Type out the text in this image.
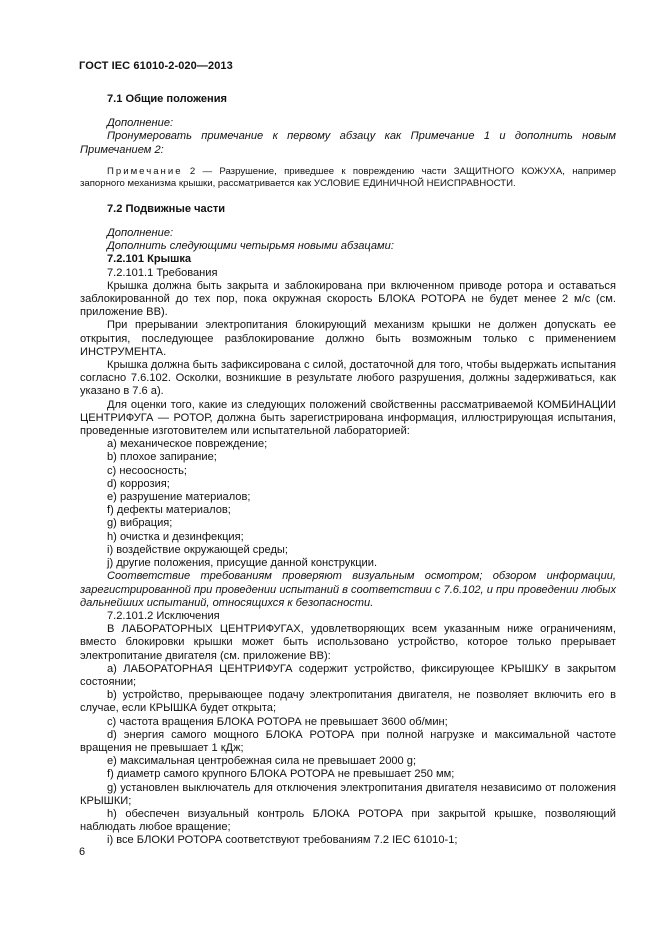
ГОСТ IEC 61010-2-020—2013

7.1 Общие положения

Дополнение:

Пронумеровать примечание к первому абзацу как Примечание 1 и дополнить новым Примечанием 2:

Примечание 2 — Разрушение, приведшее к повреждению части ЗАЩИТНОГО КОЖУХА, например запорного механизма крышки, рассматривается как УСЛОВИЕ ЕДИНИЧНОЙ НЕИСПРАВНОСТИ.

7.2 Подвижные части

Дополнение:

Дополнить следующими четырьмя новыми абзацами:

7.2.101 Крышка

7.2.101.1 Требования

Крышка должна быть закрыта и заблокирована при включенном приводе ротора и оставаться заблокированной до тех пор, пока окружная скорость БЛОКА РОТОРА не будет менее 2 м/с (см. приложение ВВ).

При прерывании электропитания блокирующий механизм крышки не должен допускать ее открытия, последующее разблокирование должно быть возможным только с применением ИНСТРУМЕНТА.

Крышка должна быть зафиксирована с силой, достаточной для того, чтобы выдержать испытания согласно 7.6.102. Осколки, возникшие в результате любого разрушения, должны задерживаться, как указано в 7.6 а).

Для оценки того, какие из следующих положений свойственны рассматриваемой КОМБИНАЦИИ ЦЕНТРИФУГА — РОТОР, должна быть зарегистрирована информация, иллюстрирующая испытания, проведенные изготовителем или испытательной лабораторией:

а) механическое повреждение;

b) плохое запирание;

c) несоосность;

d) коррозия;

e) разрушение материалов;

f) дефекты материалов;

g) вибрация;

h) очистка и дезинфекция;

i) воздействие окружающей среды;

j) другие положения, присущие данной конструкции.

Соответствие требованиям проверяют визуальным осмотром; обзором информации, зарегистрированной при проведении испытаний в соответствии с 7.6.102, и при проведении любых дальнейших испытаний, относящихся к безопасности.

7.2.101.2 Исключения

В ЛАБОРАТОРНЫХ ЦЕНТРИФУГАХ, удовлетворяющих всем указанным ниже ограничениям, вместо блокировки крышки может быть использовано устройство, которое только прерывает электропитание двигателя (см. приложение ВВ):

а) ЛАБОРАТОРНАЯ ЦЕНТРИФУГА содержит устройство, фиксирующее КРЫШКУ в закрытом состоянии;

b) устройство, прерывающее подачу электропитания двигателя, не позволяет включить его в случае, если КРЫШКА будет открыта;

c) частота вращения БЛОКА РОТОРА не превышает 3600 об/мин;

d) энергия самого мощного БЛОКА РОТОРА при полной нагрузке и максимальной частоте вращения не превышает 1 кДж;

e) максимальная центробежная сила не превышает 2000 g;

f) диаметр самого крупного БЛОКА РОТОРА не превышает 250 мм;

g) установлен выключатель для отключения электропитания двигателя независимо от положения КРЫШКИ;

h) обеспечен визуальный контроль БЛОКА РОТОРА при закрытой крышке, позволяющий наблюдать любое вращение;

i) все БЛОКИ РОТОРА соответствуют требованиям 7.2 IEC 61010-1;

6
